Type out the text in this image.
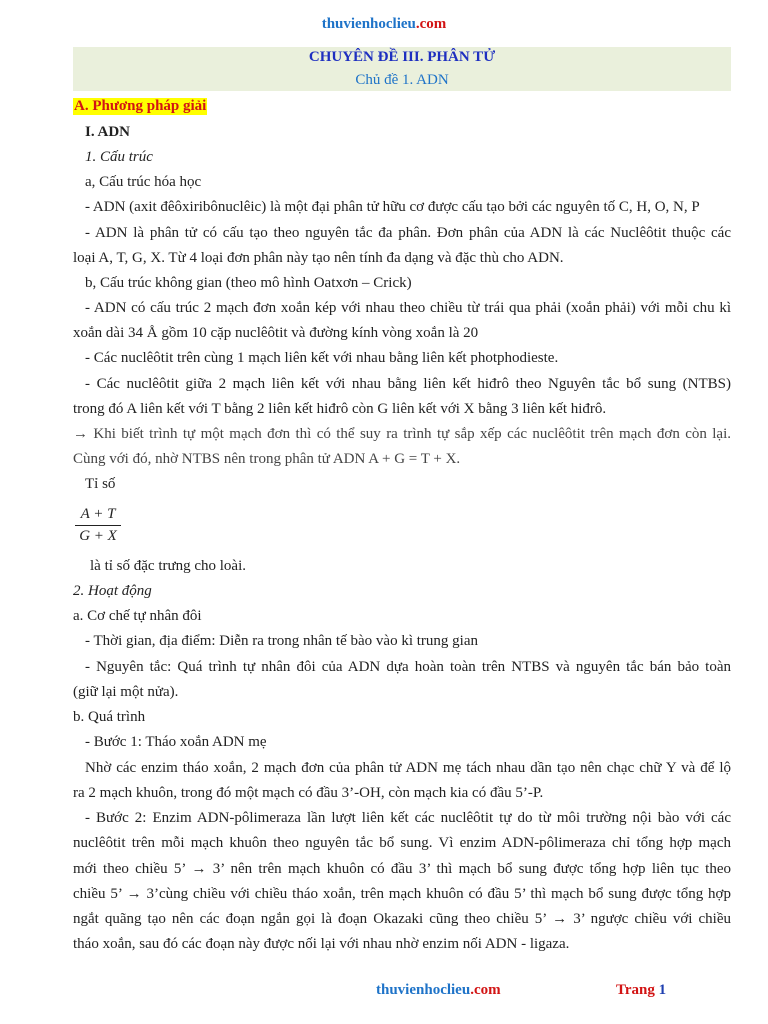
thuvienhoclieu.com
CHUYÊN ĐỀ III. PHÂN TỬ
Chủ đề 1. ADN
A. Phương pháp giải
I. ADN
1. Cấu trúc
a, Cấu trúc hóa học
- ADN (axit đêôxiribônuclêic) là một đại phân tử hữu cơ được cấu tạo bởi các nguyên tố C, H, O, N, P
- ADN là phân tử có cấu tạo theo nguyên tắc đa phân. Đơn phân của ADN là các Nuclêôtit thuộc các
loại A, T, G, X. Từ 4 loại đơn phân này tạo nên tính đa dạng và đặc thù cho ADN.
b, Cấu trúc không gian (theo mô hình Oatxơn – Crick)
- ADN có cấu trúc 2 mạch đơn xoắn kép với nhau theo chiều từ trái qua phải (xoắn phải) với mỗi chu kì
xoắn dài 34 Å gồm 10 cặp nuclêôtit và đường kính vòng xoắn là 20
- Các nuclêôtit trên cùng 1 mạch liên kết với nhau bằng liên kết photphodieste.
- Các nuclêôtit giữa 2 mạch liên kết với nhau bằng liên kết hiđrô theo Nguyên tắc bổ sung (NTBS)
trong đó A liên kết với T bằng 2 liên kết hiđrô còn G liên kết với X bằng 3 liên kết hiđrô.
→ Khi biết trình tự một mạch đơn thì có thể suy ra trình tự sắp xếp các nuclêôtit trên mạch đơn còn lại.
Cùng với đó, nhờ NTBS nên trong phân tử ADN A + G = T + X.
Tỉ số
$\frac{A + T}{G + X}$
là tỉ số đặc trưng cho loài.
2. Hoạt động
a. Cơ chế tự nhân đôi
- Thời gian, địa điểm: Diễn ra trong nhân tế bào vào kì trung gian
- Nguyên tắc: Quá trình tự nhân đôi của ADN dựa hoàn toàn trên NTBS và nguyên tắc bán bảo toàn
(giữ lại một nửa).
b. Quá trình
- Bước 1: Tháo xoắn ADN mẹ
Nhờ các enzim tháo xoắn, 2 mạch đơn của phân tử ADN mẹ tách nhau dần tạo nên chạc chữ Y và để lộ
ra 2 mạch khuôn, trong đó một mạch có đầu 3’-OH, còn mạch kia có đầu 5’-P.
- Bước 2: Enzim ADN-pôlimeraza lần lượt liên kết các nuclêôtit tự do từ môi trường nội bào với các
nuclêôtit trên mỗi mạch khuôn theo nguyên tắc bổ sung. Vì enzim ADN-pôlimeraza chỉ tổng hợp mạch
mới theo chiều 5’ → 3’ nên trên mạch khuôn có đầu 3’ thì mạch bổ sung được tổng hợp liên tục theo
chiều 5’ → 3’cùng chiều với chiều tháo xoắn, trên mạch khuôn có đầu 5’ thì mạch bổ sung được tổng hợp
ngắt quãng tạo nên các đoạn ngắn gọi là đoạn Okazaki cũng theo chiều 5’ → 3’ ngược chiều với chiều
tháo xoắn, sau đó các đoạn này được nối lại với nhau nhờ enzim nối ADN - ligaza.
thuvienhoclieu.com	Trang 1
